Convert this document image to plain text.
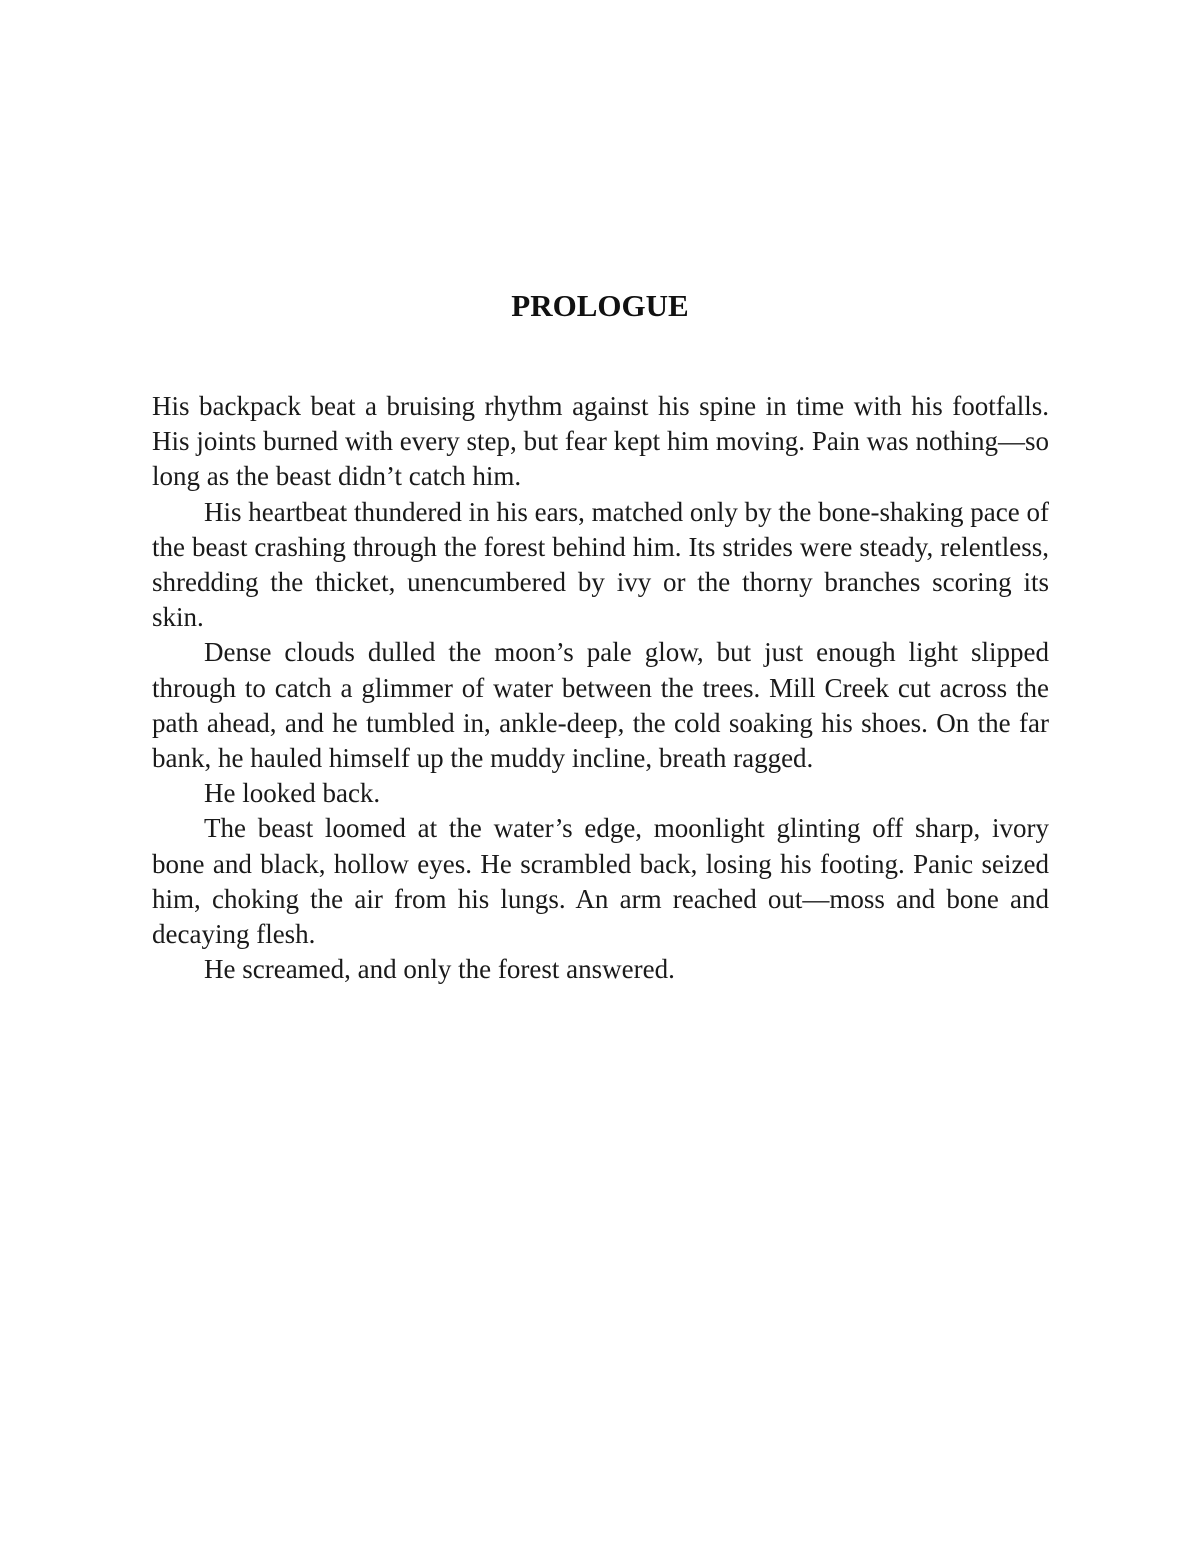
PROLOGUE

His backpack beat a bruising rhythm against his spine in time with his footfalls. His joints burned with every step, but fear kept him moving. Pain was nothing—so long as the beast didn’t catch him.

His heartbeat thundered in his ears, matched only by the bone-shaking pace of the beast crashing through the forest behind him. Its strides were steady, relentless, shredding the thicket, unencumbered by ivy or the thorny branches scoring its skin.

Dense clouds dulled the moon’s pale glow, but just enough light slipped through to catch a glimmer of water between the trees. Mill Creek cut across the path ahead, and he tumbled in, ankle-deep, the cold soaking his shoes. On the far bank, he hauled himself up the muddy incline, breath ragged.

He looked back.

The beast loomed at the water’s edge, moonlight glinting off sharp, ivory bone and black, hollow eyes. He scrambled back, losing his footing. Panic seized him, choking the air from his lungs. An arm reached out—moss and bone and decaying flesh.

He screamed, and only the forest answered.
